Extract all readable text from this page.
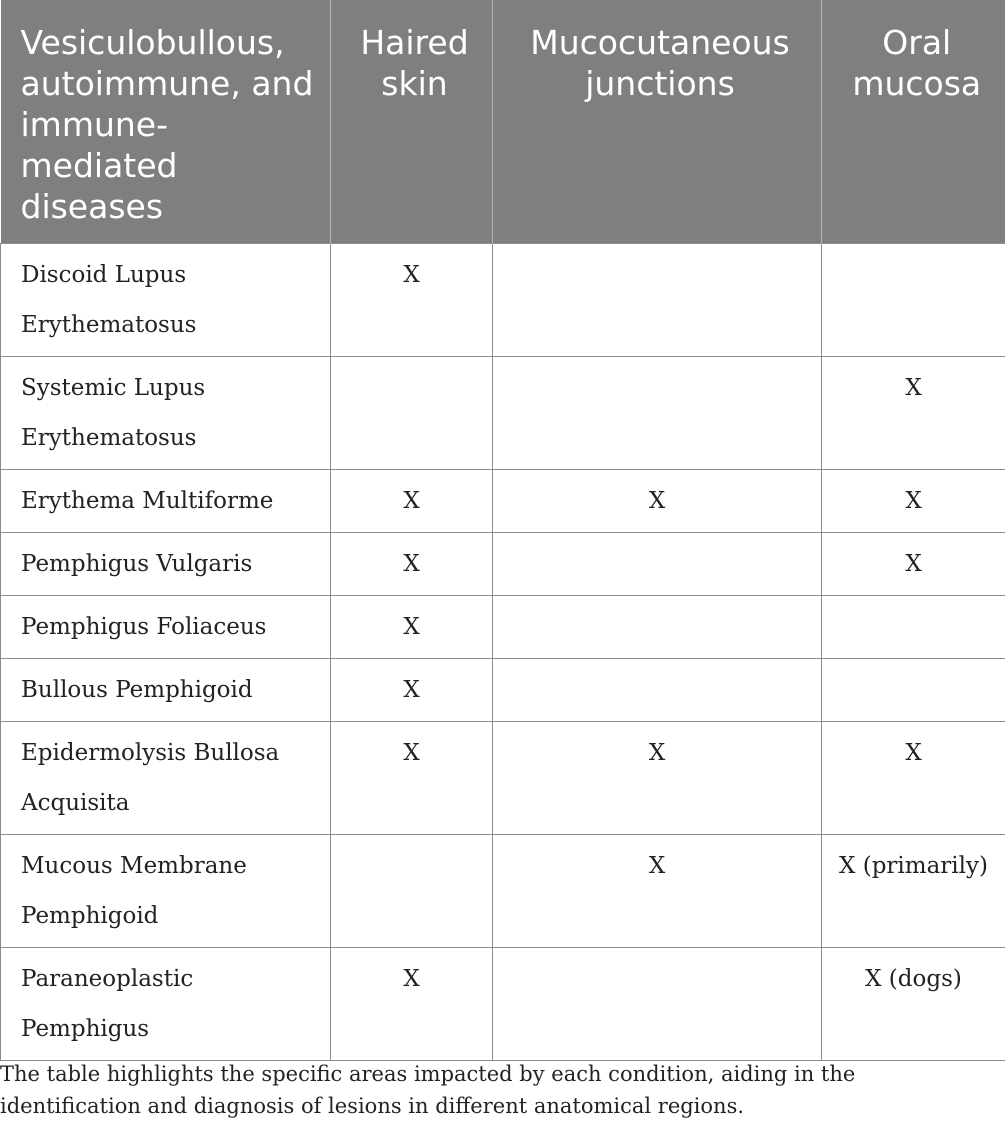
Vesiculobullous, autoimmune, and immune-mediated diseases	Haired skin	Mucocutaneous junctions	Oral mucosa
Discoid Lupus Erythematosus	X		
Systemic Lupus Erythematosus			X
Erythema Multiforme	X	X	X
Pemphigus Vulgaris	X		X
Pemphigus Foliaceus	X		
Bullous Pemphigoid	X		
Epidermolysis Bullosa Acquisita	X	X	X
Mucous Membrane Pemphigoid		X	X (primarily)
Paraneoplastic Pemphigus	X		X (dogs)

The table highlights the specific areas impacted by each condition, aiding in the identification and diagnosis of lesions in different anatomical regions.
